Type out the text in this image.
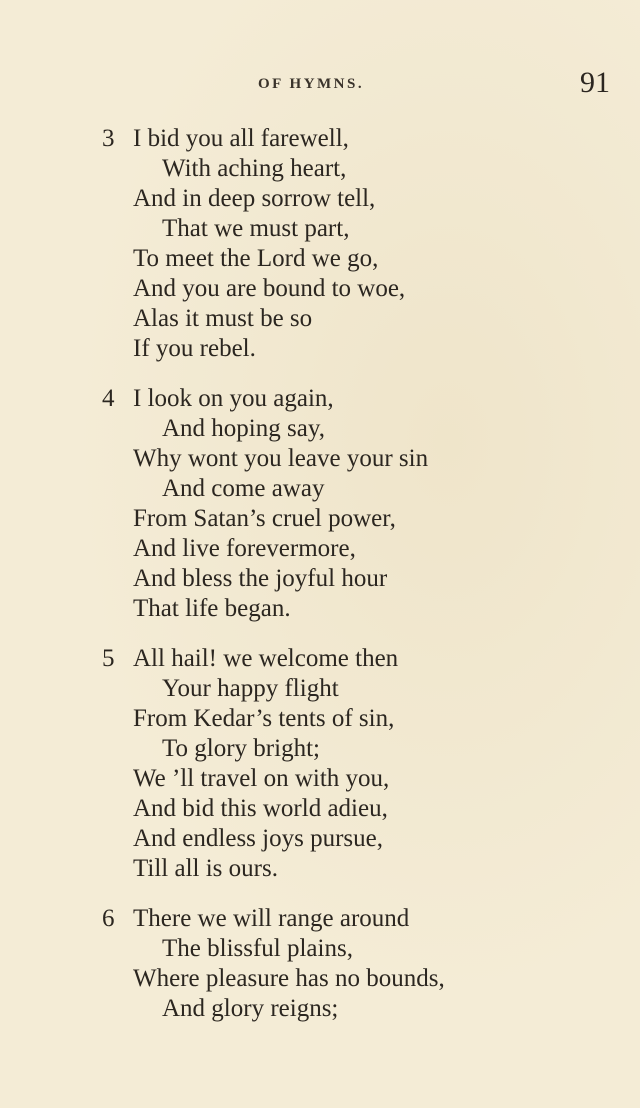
OF HYMNS.	91
3 I bid you all farewell,
With aching heart,
And in deep sorrow tell,
That we must part,
To meet the Lord we go,
And you are bound to woe,
Alas it must be so
If you rebel.
4 I look on you again,
And hoping say,
Why wont you leave your sin
And come away
From Satan’s cruel power,
And live forevermore,
And bless the joyful hour
That life began.
5 All hail! we welcome then
Your happy flight
From Kedar’s tents of sin,
To glory bright;
We ’ll travel on with you,
And bid this world adieu,
And endless joys pursue,
Till all is ours.
6 There we will range around
The blissful plains,
Where pleasure has no bounds,
And glory reigns;
